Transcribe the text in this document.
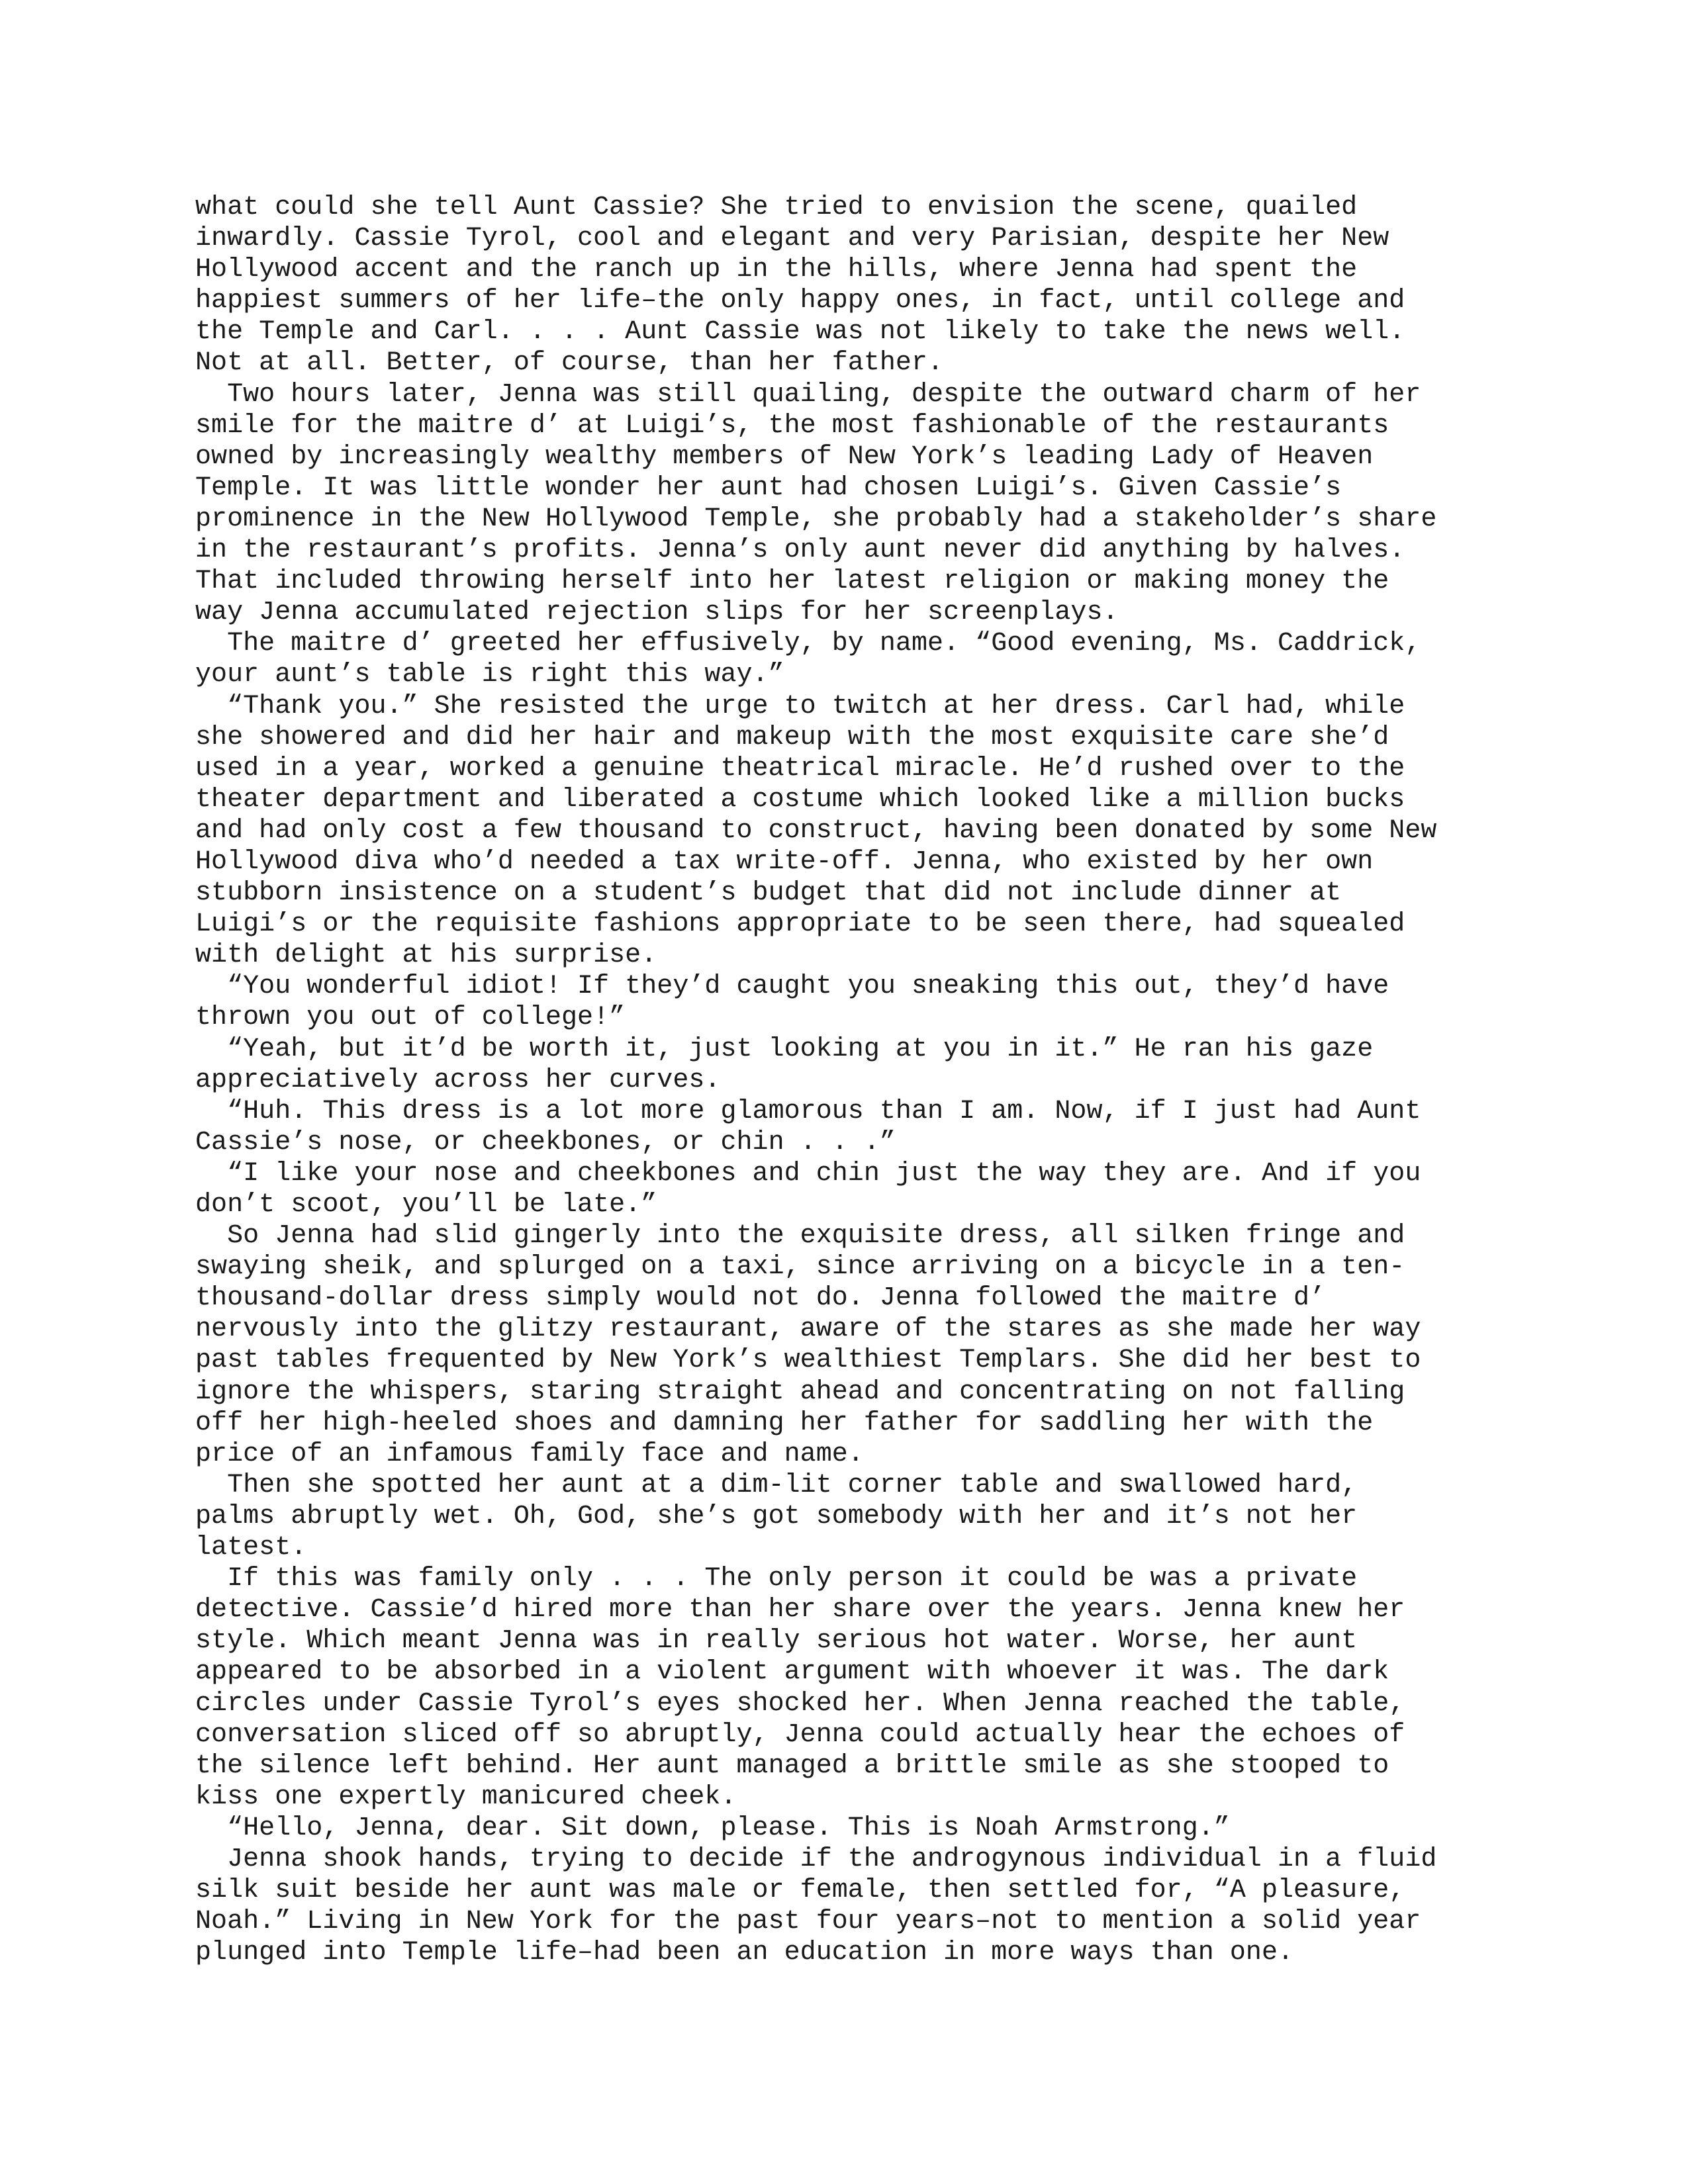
what could she tell Aunt Cassie? She tried to envision the scene, quailed
inwardly. Cassie Tyrol, cool and elegant and very Parisian, despite her New
Hollywood accent and the ranch up in the hills, where Jenna had spent the
happiest summers of her life–the only happy ones, in fact, until college and
the Temple and Carl. . . . Aunt Cassie was not likely to take the news well.
Not at all. Better, of course, than her father.
Two hours later, Jenna was still quailing, despite the outward charm of her
smile for the maitre d’ at Luigi’s, the most fashionable of the restaurants
owned by increasingly wealthy members of New York’s leading Lady of Heaven
Temple. It was little wonder her aunt had chosen Luigi’s. Given Cassie’s
prominence in the New Hollywood Temple, she probably had a stakeholder’s share
in the restaurant’s profits. Jenna’s only aunt never did anything by halves.
That included throwing herself into her latest religion or making money the
way Jenna accumulated rejection slips for her screenplays.
The maitre d’ greeted her effusively, by name. “Good evening, Ms. Caddrick,
your aunt’s table is right this way.”
“Thank you.” She resisted the urge to twitch at her dress. Carl had, while
she showered and did her hair and makeup with the most exquisite care she’d
used in a year, worked a genuine theatrical miracle. He’d rushed over to the
theater department and liberated a costume which looked like a million bucks
and had only cost a few thousand to construct, having been donated by some New
Hollywood diva who’d needed a tax write-off. Jenna, who existed by her own
stubborn insistence on a student’s budget that did not include dinner at
Luigi’s or the requisite fashions appropriate to be seen there, had squealed
with delight at his surprise.
“You wonderful idiot! If they’d caught you sneaking this out, they’d have
thrown you out of college!”
“Yeah, but it’d be worth it, just looking at you in it.” He ran his gaze
appreciatively across her curves.
“Huh. This dress is a lot more glamorous than I am. Now, if I just had Aunt
Cassie’s nose, or cheekbones, or chin . . .”
“I like your nose and cheekbones and chin just the way they are. And if you
don’t scoot, you’ll be late.”
So Jenna had slid gingerly into the exquisite dress, all silken fringe and
swaying sheik, and splurged on a taxi, since arriving on a bicycle in a ten-
thousand-dollar dress simply would not do. Jenna followed the maitre d’
nervously into the glitzy restaurant, aware of the stares as she made her way
past tables frequented by New York’s wealthiest Templars. She did her best to
ignore the whispers, staring straight ahead and concentrating on not falling
off her high-heeled shoes and damning her father for saddling her with the
price of an infamous family face and name.
Then she spotted her aunt at a dim-lit corner table and swallowed hard,
palms abruptly wet. Oh, God, she’s got somebody with her and it’s not her
latest.
If this was family only . . . The only person it could be was a private
detective. Cassie’d hired more than her share over the years. Jenna knew her
style. Which meant Jenna was in really serious hot water. Worse, her aunt
appeared to be absorbed in a violent argument with whoever it was. The dark
circles under Cassie Tyrol’s eyes shocked her. When Jenna reached the table,
conversation sliced off so abruptly, Jenna could actually hear the echoes of
the silence left behind. Her aunt managed a brittle smile as she stooped to
kiss one expertly manicured cheek.
“Hello, Jenna, dear. Sit down, please. This is Noah Armstrong.”
Jenna shook hands, trying to decide if the androgynous individual in a fluid
silk suit beside her aunt was male or female, then settled for, “A pleasure,
Noah.” Living in New York for the past four years–not to mention a solid year
plunged into Temple life–had been an education in more ways than one.
